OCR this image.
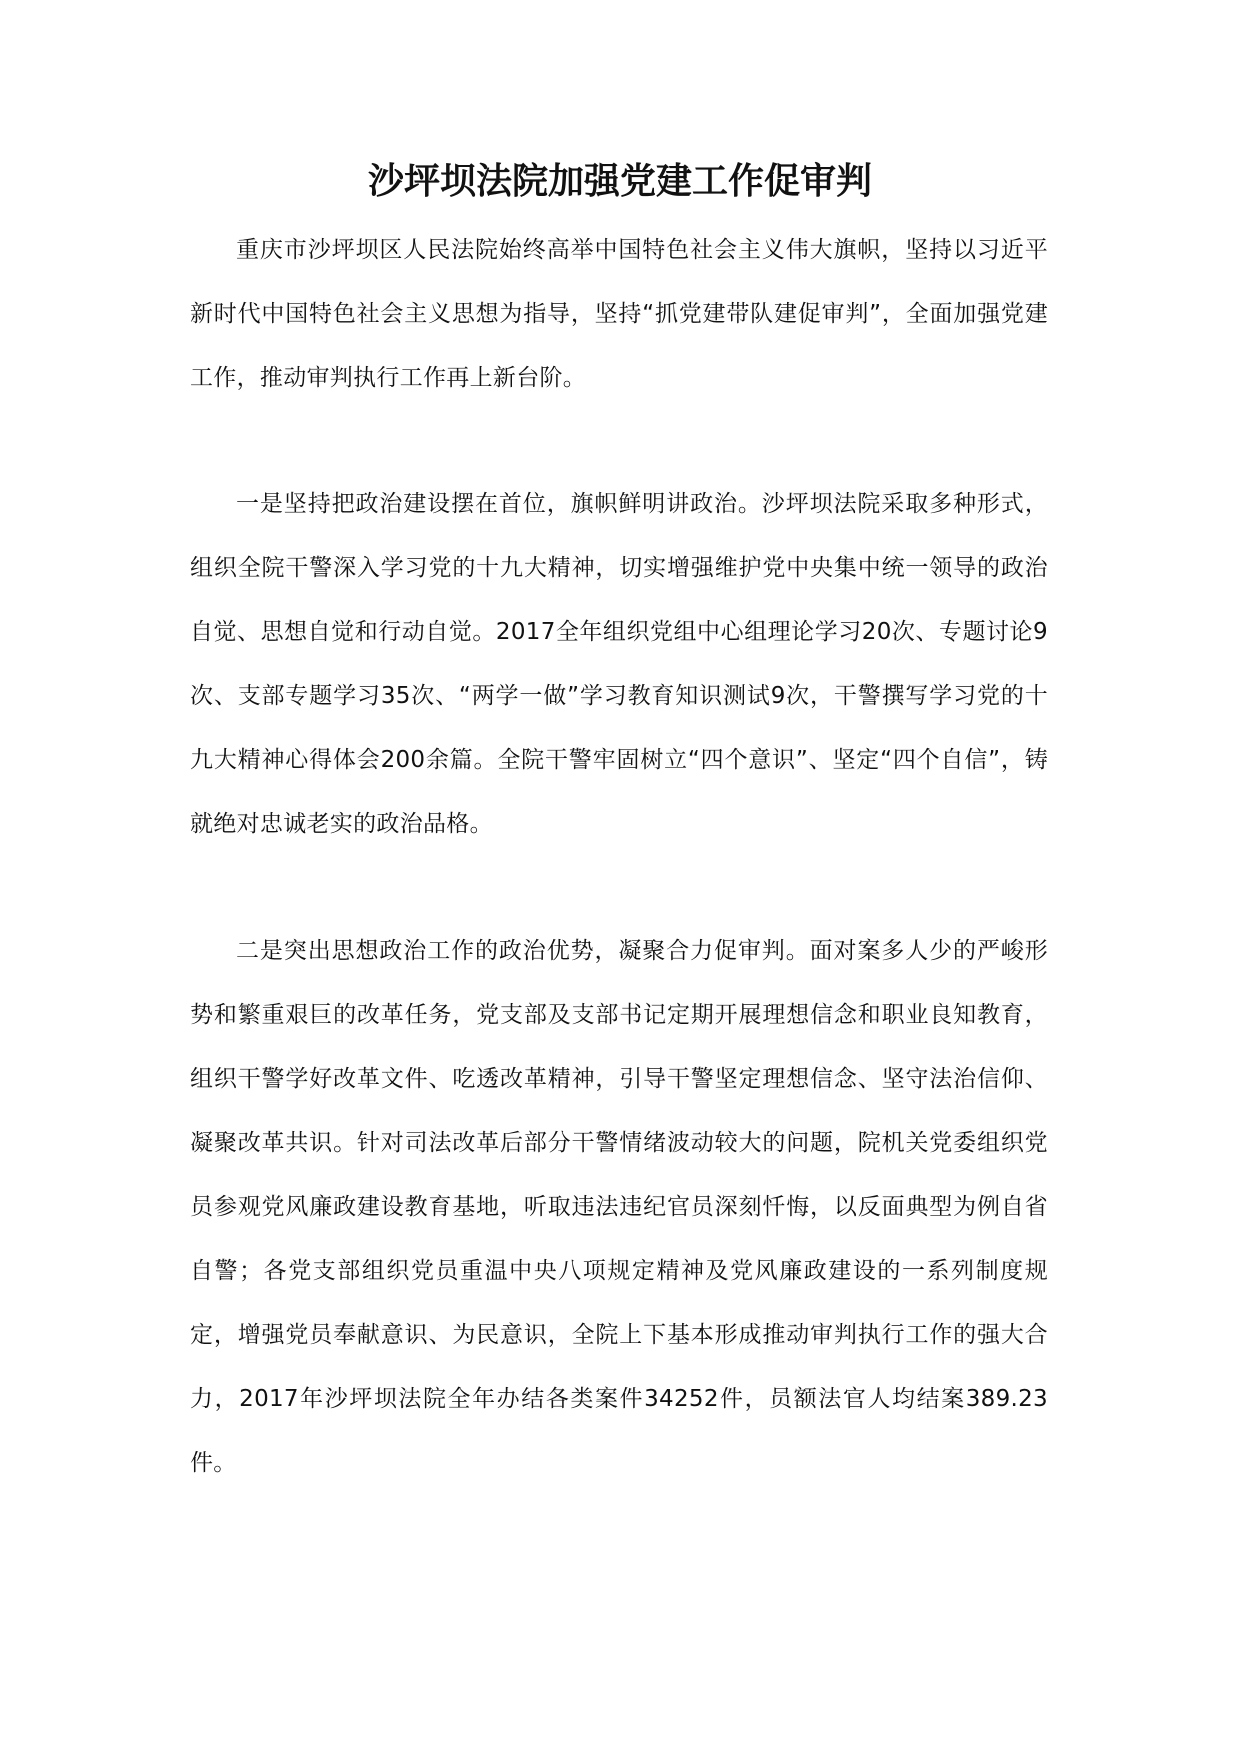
沙坪坝法院加强党建工作促审判

重庆市沙坪坝区人民法院始终高举中国特色社会主义伟大旗帜，坚持以习近平新时代中国特色社会主义思想为指导，坚持“抓党建带队建促审判”，全面加强党建工作，推动审判执行工作再上新台阶。

一是坚持把政治建设摆在首位，旗帜鲜明讲政治。沙坪坝法院采取多种形式，组织全院干警深入学习党的十九大精神，切实增强维护党中央集中统一领导的政治自觉、思想自觉和行动自觉。2017全年组织党组中心组理论学习20次、专题讨论9次、支部专题学习35次、“两学一做”学习教育知识测试9次，干警撰写学习党的十九大精神心得体会200余篇。全院干警牢固树立“四个意识”、坚定“四个自信”，铸就绝对忠诚老实的政治品格。

二是突出思想政治工作的政治优势，凝聚合力促审判。面对案多人少的严峻形势和繁重艰巨的改革任务，党支部及支部书记定期开展理想信念和职业良知教育，组织干警学好改革文件、吃透改革精神，引导干警坚定理想信念、坚守法治信仰、凝聚改革共识。针对司法改革后部分干警情绪波动较大的问题，院机关党委组织党员参观党风廉政建设教育基地，听取违法违纪官员深刻忏悔，以反面典型为例自省自警；各党支部组织党员重温中央八项规定精神及党风廉政建设的一系列制度规定，增强党员奉献意识、为民意识，全院上下基本形成推动审判执行工作的强大合力，2017年沙坪坝法院全年办结各类案件34252件，员额法官人均结案389.23件。
